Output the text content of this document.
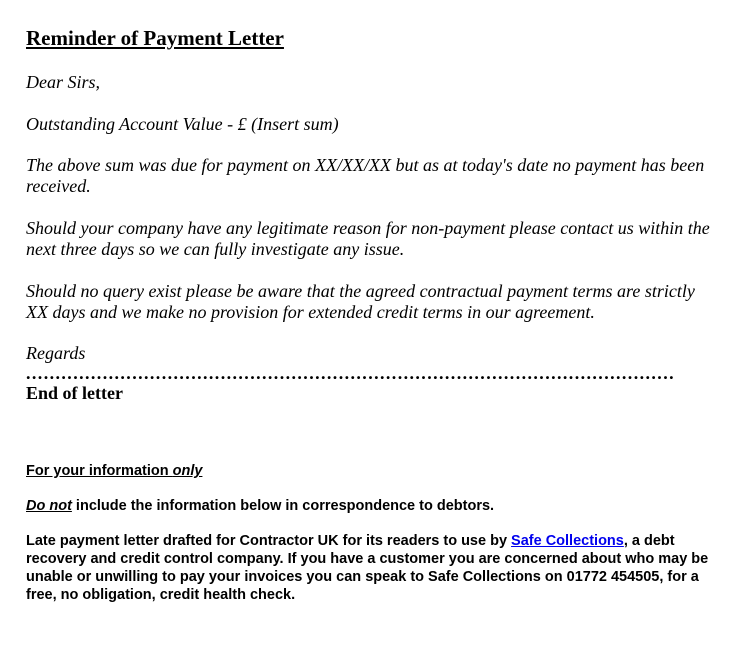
Reminder of Payment Letter
Dear Sirs,
Outstanding Account Value - £ (Insert sum)
The above sum was due for payment on XX/XX/XX but as at today's date no payment has been received.
Should your company have any legitimate reason for non-payment please contact us within the next three days so we can fully investigate any issue.
Should no query exist please be aware that the agreed contractual payment terms are strictly XX days and we make no provision for extended credit terms in our agreement.
Regards
..............................................................................................................
End of letter
For your information only
Do not include the information below in correspondence to debtors.
Late payment letter drafted for Contractor UK for its readers to use by Safe Collections, a debt recovery and credit control company. If you have a customer you are concerned about who may be unable or unwilling to pay your invoices you can speak to Safe Collections on 01772 454505, for a free, no obligation, credit health check.
